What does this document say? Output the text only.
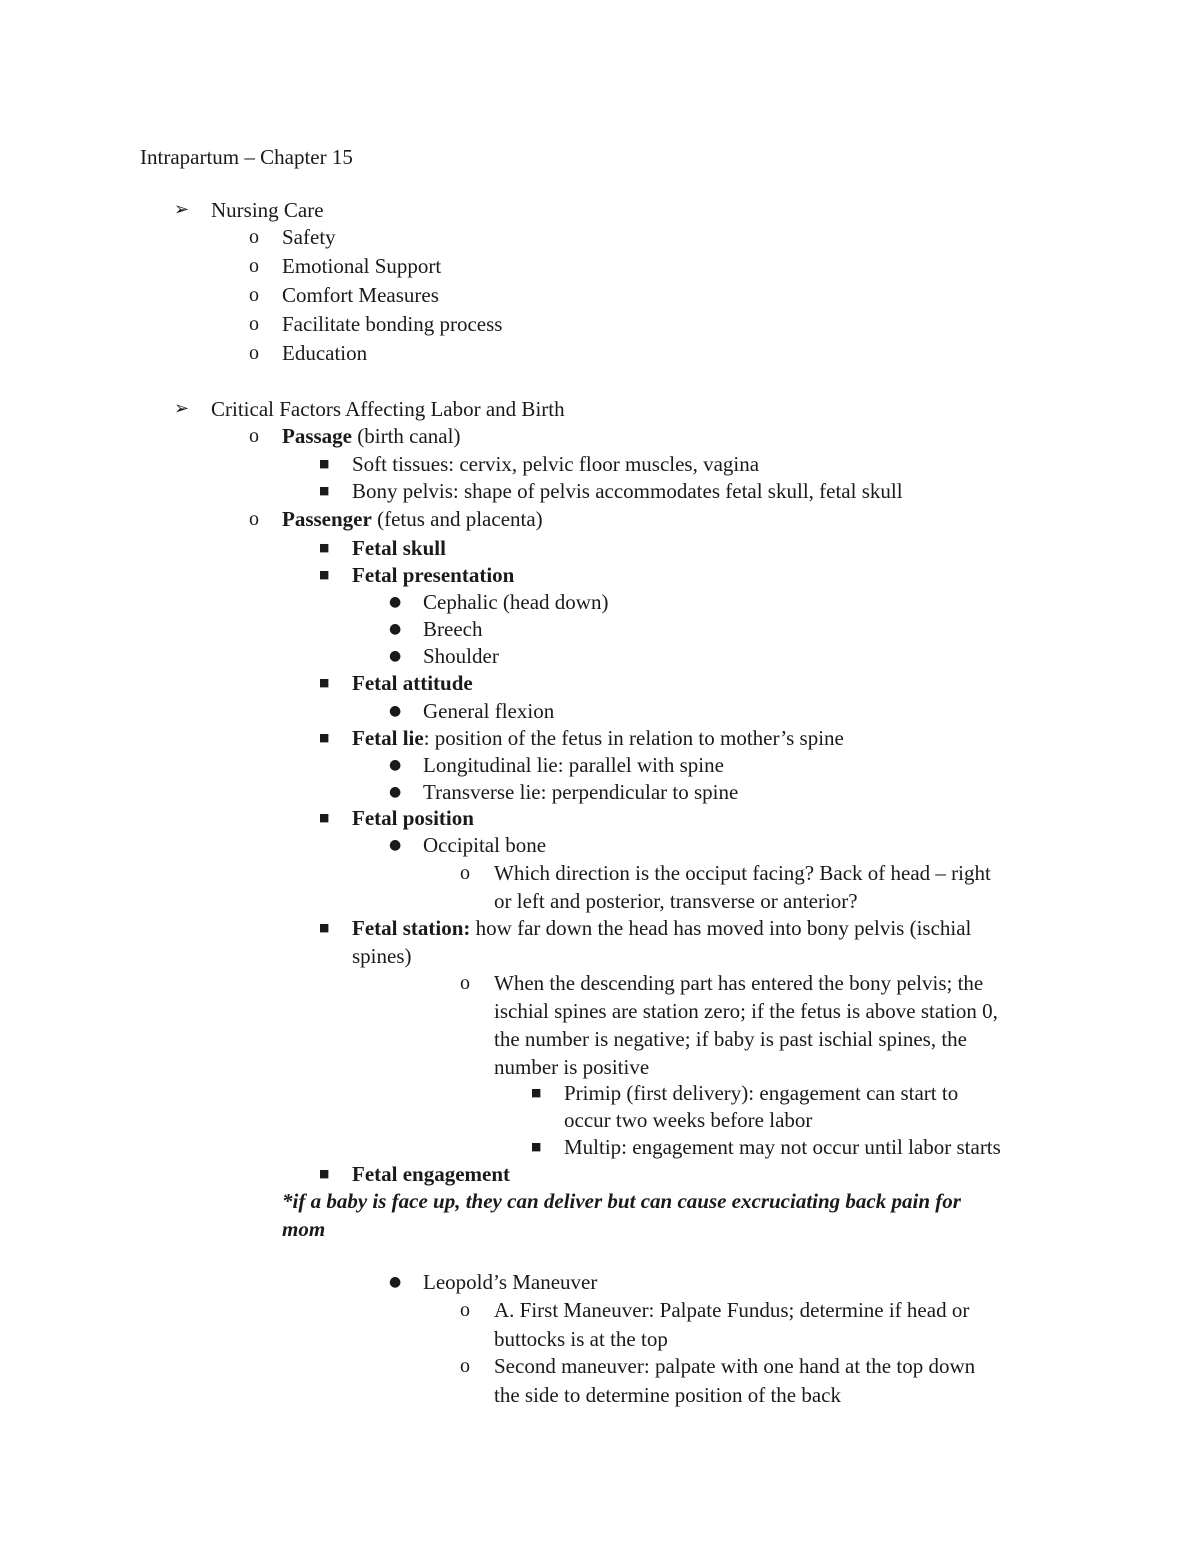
Intrapartum – Chapter 15
➢ Nursing Care
o Safety
o Emotional Support
o Comfort Measures
o Facilitate bonding process
o Education
➢ Critical Factors Affecting Labor and Birth
o Passage (birth canal)
■ Soft tissues: cervix, pelvic floor muscles, vagina
■ Bony pelvis: shape of pelvis accommodates fetal skull, fetal skull
o Passenger (fetus and placenta)
■ Fetal skull
■ Fetal presentation
● Cephalic (head down)
● Breech
● Shoulder
■ Fetal attitude
● General flexion
■ Fetal lie: position of the fetus in relation to mother’s spine
● Longitudinal lie: parallel with spine
● Transverse lie: perpendicular to spine
■ Fetal position
● Occipital bone
o Which direction is the occiput facing? Back of head – right
or left and posterior, transverse or anterior?
■ Fetal station: how far down the head has moved into bony pelvis (ischial
spines)
o When the descending part has entered the bony pelvis; the
ischial spines are station zero; if the fetus is above station 0,
the number is negative; if baby is past ischial spines, the
number is positive
■ Primip (first delivery): engagement can start to
occur two weeks before labor
■ Multip: engagement may not occur until labor starts
■ Fetal engagement
*if a baby is face up, they can deliver but can cause excruciating back pain for
mom
● Leopold’s Maneuver
o A. First Maneuver: Palpate Fundus; determine if head or
buttocks is at the top
o Second maneuver: palpate with one hand at the top down
the side to determine position of the back
